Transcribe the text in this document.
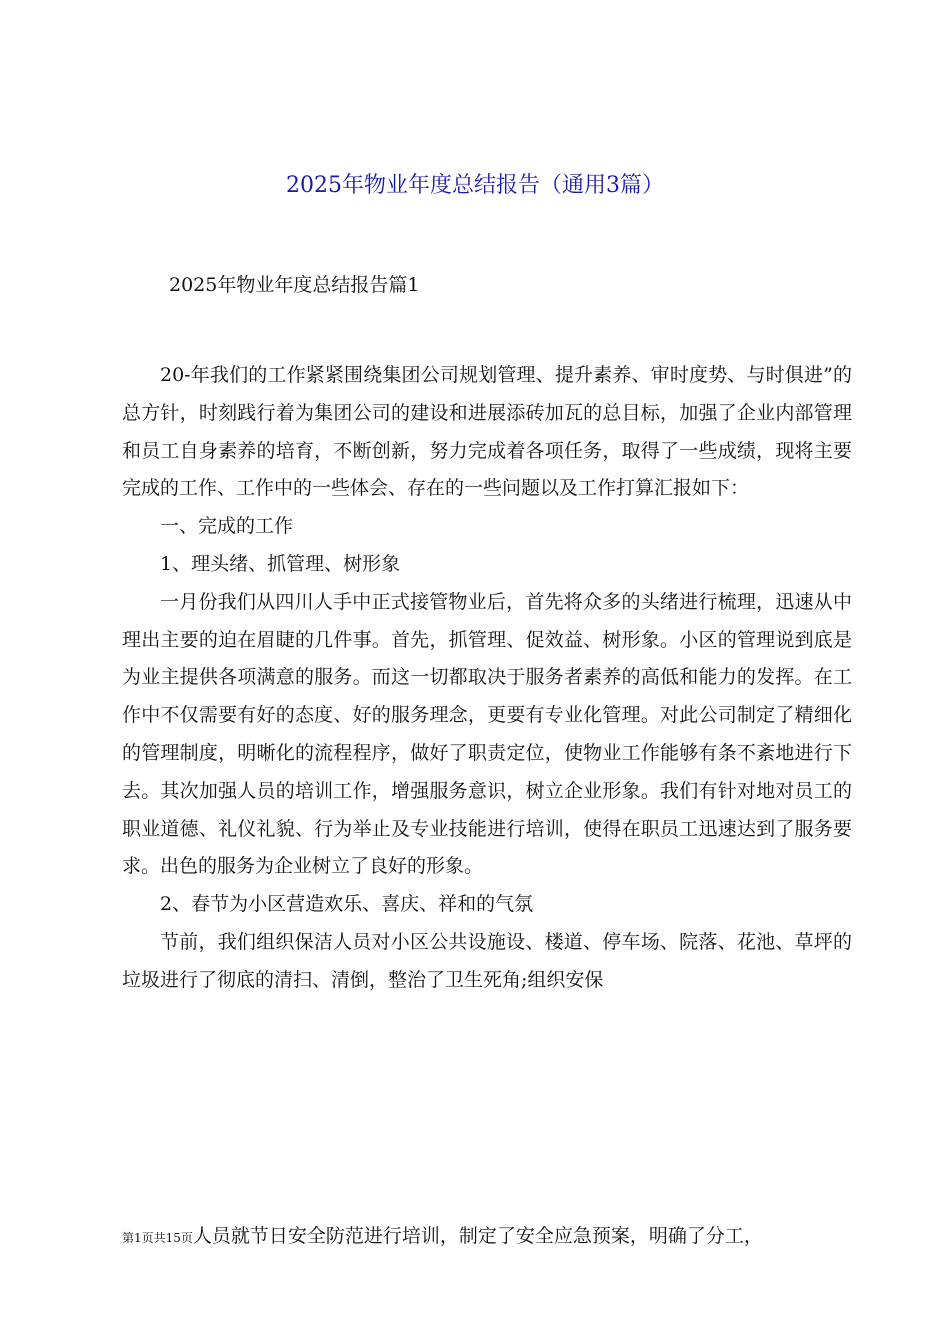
2025年物业年度总结报告（通用3篇）
2025年物业年度总结报告篇1

20-年我们的工作紧紧围绕集团公司规划管理、提升素养、审时度势、与时俱进”的总方针，时刻践行着为集团公司的建设和进展添砖加瓦的总目标，加强了企业内部管理和员工自身素养的培育，不断创新，努力完成着各项任务，取得了一些成绩，现将主要完成的工作、工作中的一些体会、存在的一些问题以及工作打算汇报如下：

一、完成的工作

1、理头绪、抓管理、树形象

一月份我们从四川人手中正式接管物业后，首先将众多的头绪进行梳理，迅速从中理出主要的迫在眉睫的几件事。首先，抓管理、促效益、树形象。小区的管理说到底是为业主提供各项满意的服务。而这一切都取决于服务者素养的高低和能力的发挥。在工作中不仅需要有好的态度、好的服务理念，更要有专业化管理。对此公司制定了精细化的管理制度，明晰化的流程程序，做好了职责定位，使物业工作能够有条不紊地进行下去。其次加强人员的培训工作，增强服务意识，树立企业形象。我们有针对地对员工的职业道德、礼仪礼貌、行为举止及专业技能进行培训，使得在职员工迅速达到了服务要求。出色的服务为企业树立了良好的形象。

2、春节为小区营造欢乐、喜庆、祥和的气氛

节前，我们组织保洁人员对小区公共设施设、楼道、停车场、院落、花池、草坪的垃圾进行了彻底的清扫、清倒，整治了卫生死角;组织安保

第1页共15页人员就节日安全防范进行培训，制定了安全应急预案，明确了分工，
